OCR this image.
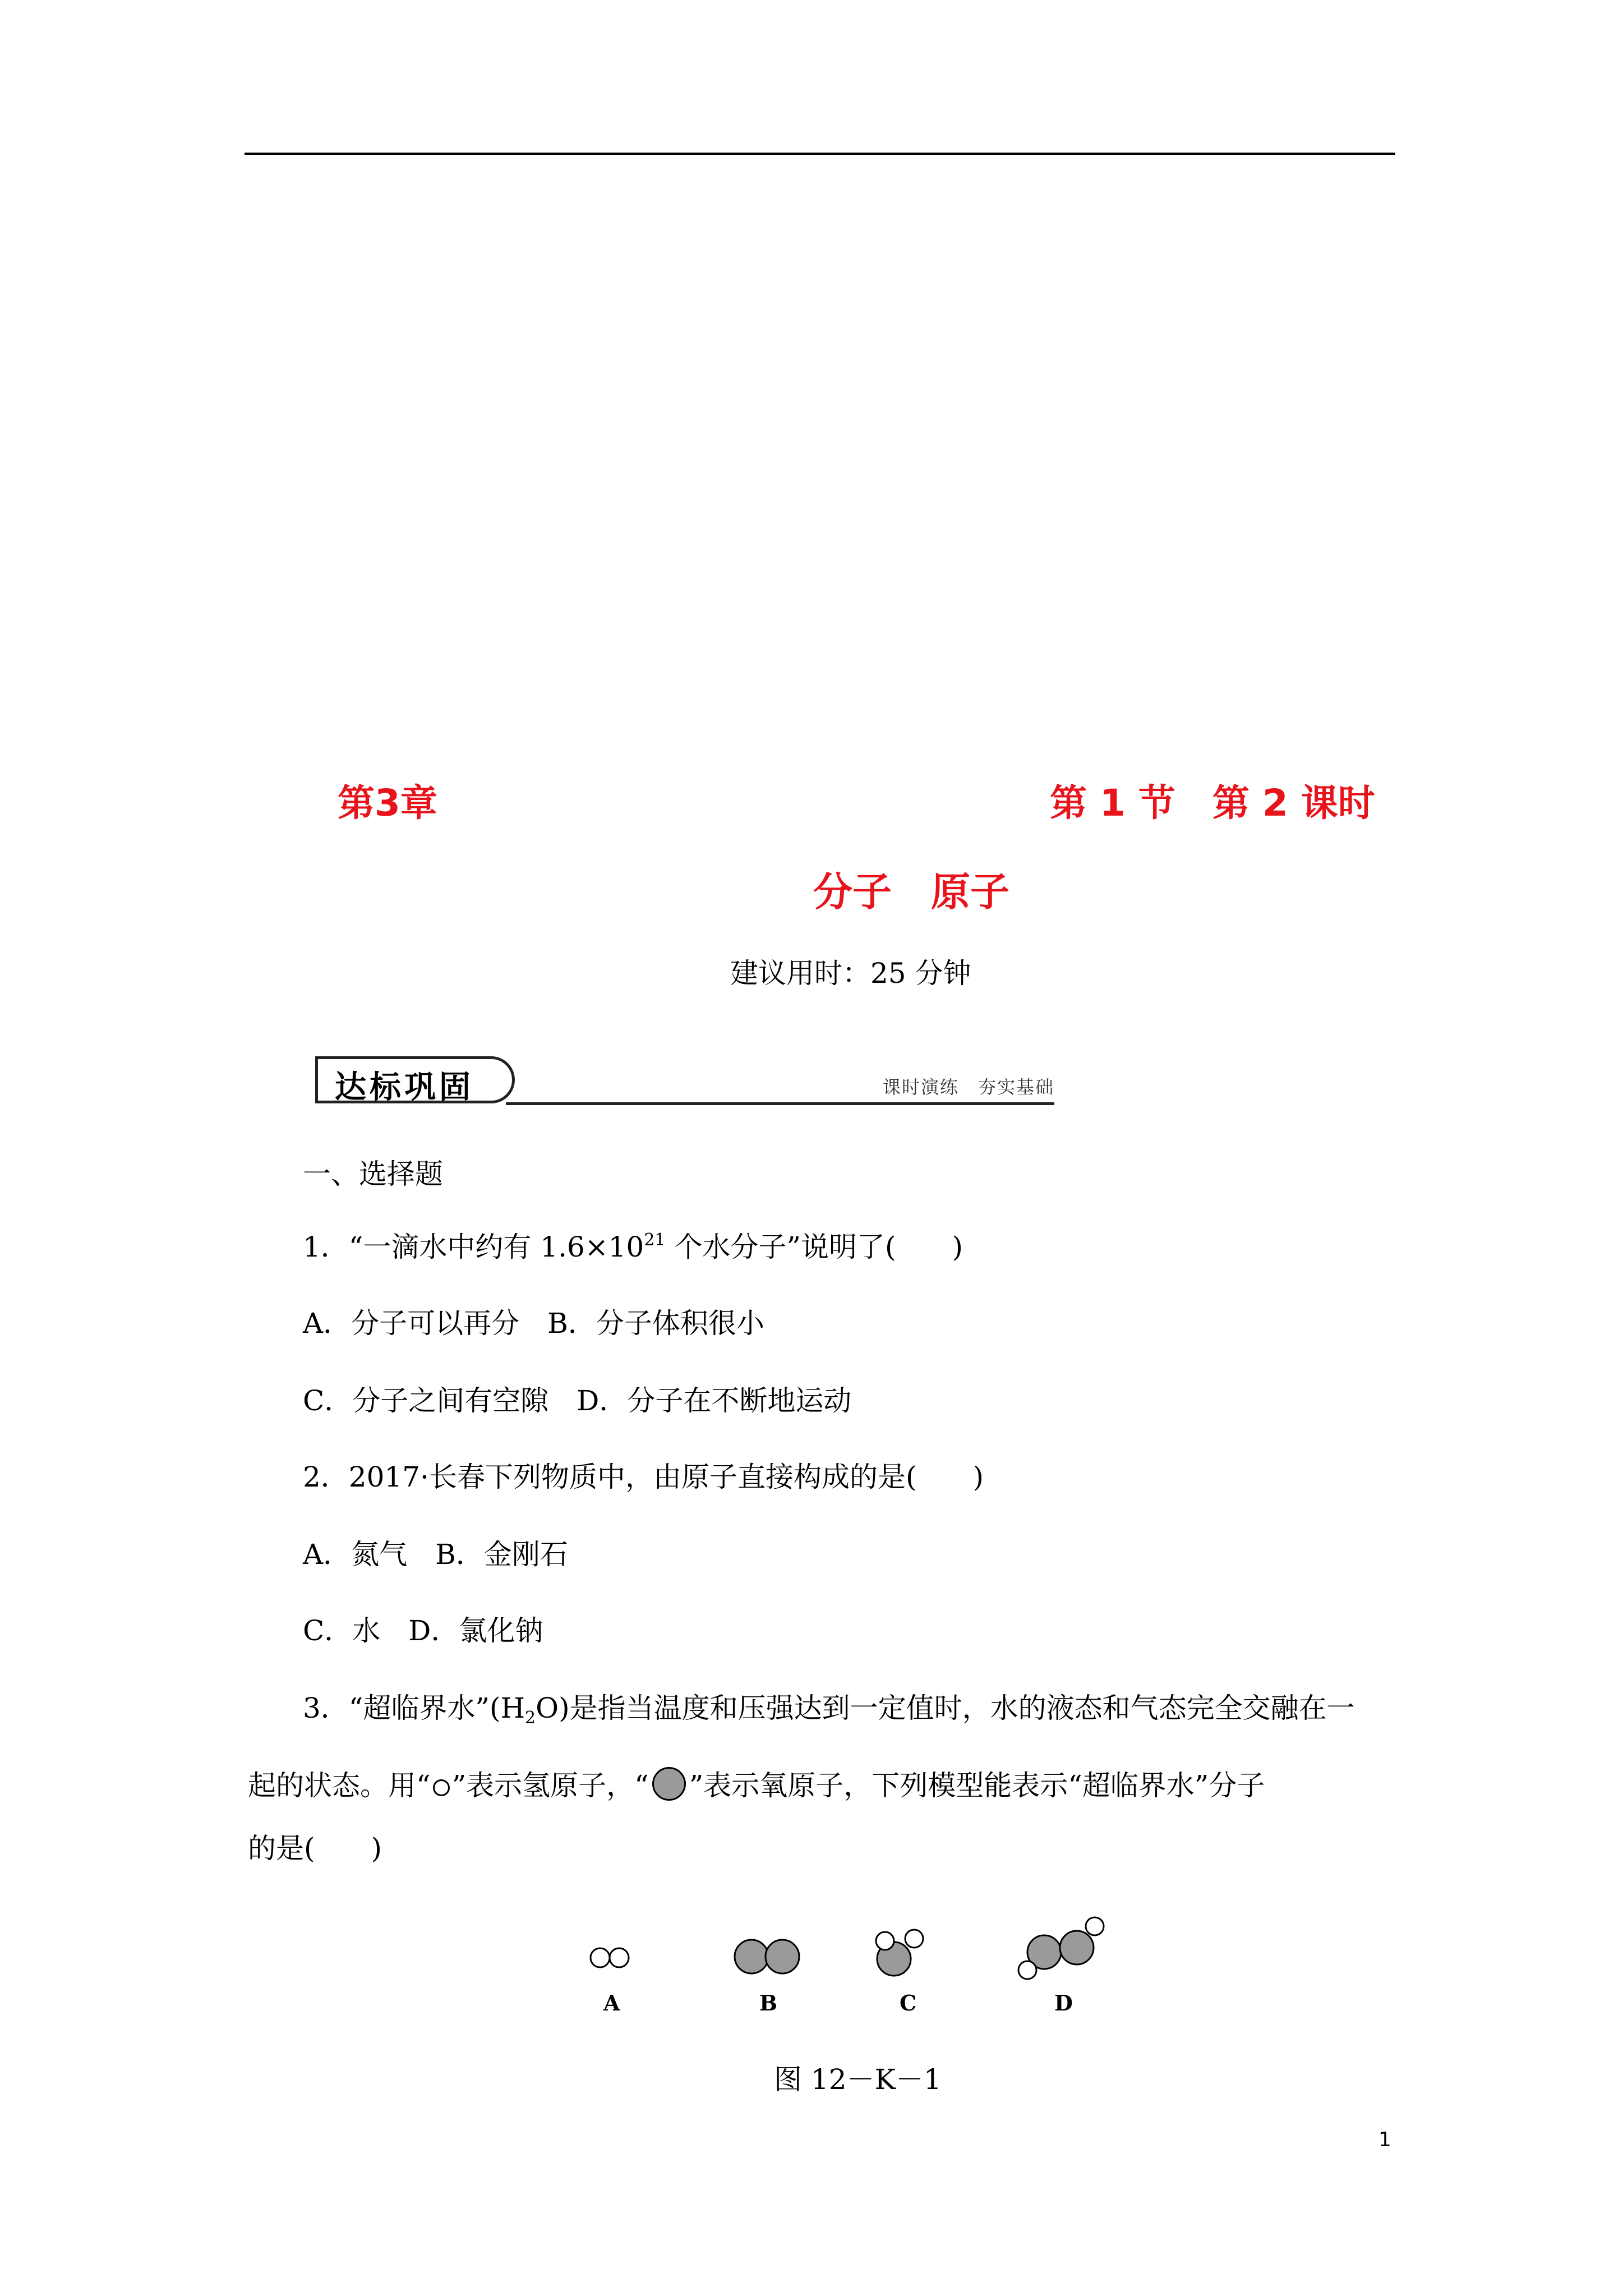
第3章	第 1 节　第 2 课时
分子　原子
建议用时：25 分钟
达标巩固	课时演练　夯实基础
一、选择题
1．“一滴水中约有 $1.6\times 10^{21}$ 个水分子”说明了(　　)
A．分子可以再分　B．分子体积很小
C．分子之间有空隙　D．分子在不断地运动
2．2017·长春下列物质中，由原子直接构成的是(　　)
A．氮气　B．金刚石
C．水　D．氯化钠
3．“超临界水$”(H_2O)$是指当温度和压强达到一定值时，水的液态和气态完全交融在一
起的状态。用“ ”表示氢原子，“ ”表示氧原子，下列模型能表示“超临界水”分子
的是(　　)
A	B	C	D
图 12－K－1
1
